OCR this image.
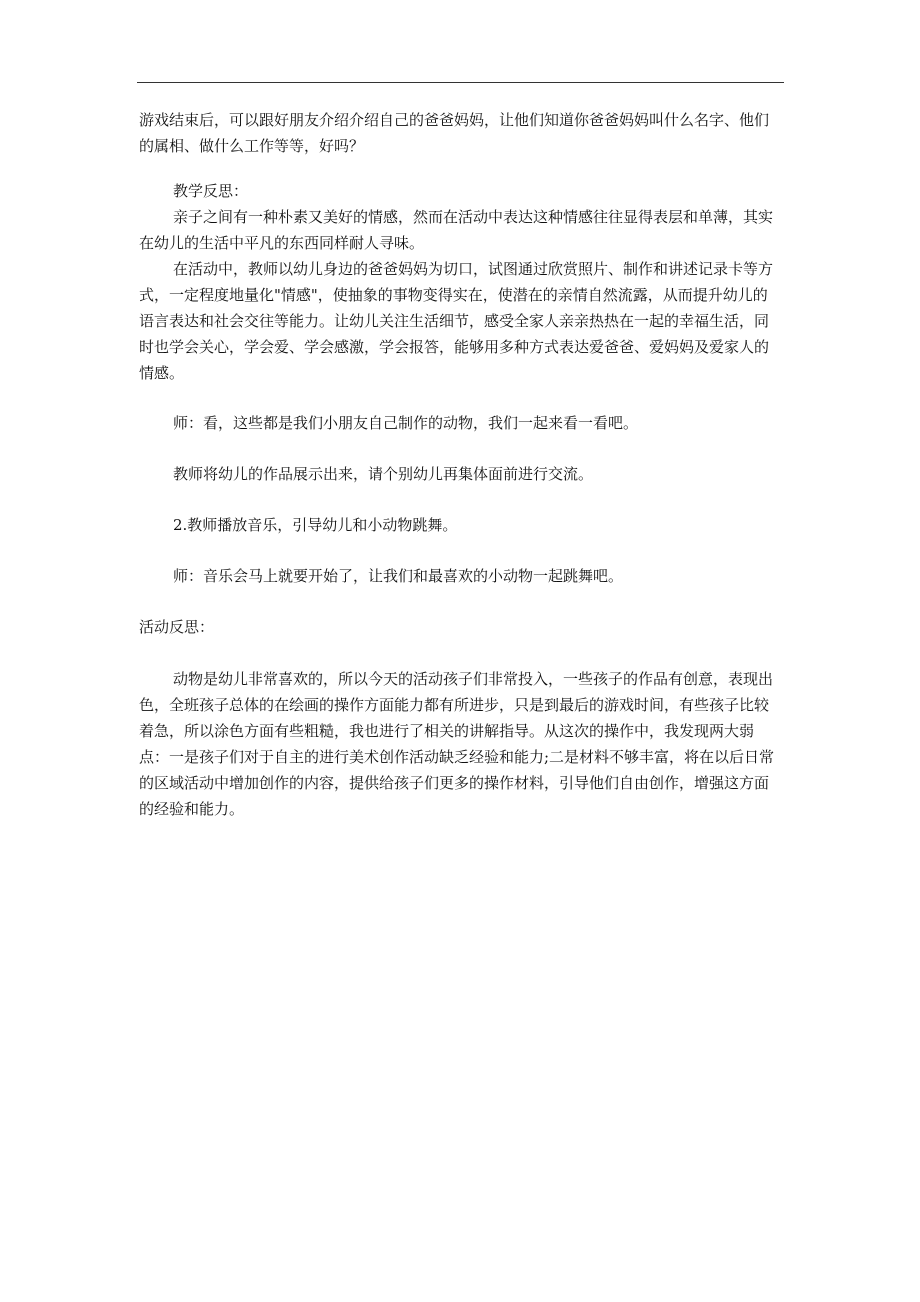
游戏结束后，可以跟好朋友介绍介绍自己的爸爸妈妈，让他们知道你爸爸妈妈叫什么名字、他们的属相、做什么工作等等，好吗？

教学反思：

亲子之间有一种朴素又美好的情感，然而在活动中表达这种情感往往显得表层和单薄，其实在幼儿的生活中平凡的东西同样耐人寻味。

在活动中，教师以幼儿身边的爸爸妈妈为切口，试图通过欣赏照片、制作和讲述记录卡等方式，一定程度地量化"情感"，使抽象的事物变得实在，使潜在的亲情自然流露，从而提升幼儿的语言表达和社会交往等能力。让幼儿关注生活细节，感受全家人亲亲热热在一起的幸福生活，同时也学会关心，学会爱、学会感激，学会报答，能够用多种方式表达爱爸爸、爱妈妈及爱家人的情感。

师：看，这些都是我们小朋友自己制作的动物，我们一起来看一看吧。

教师将幼儿的作品展示出来，请个别幼儿再集体面前进行交流。

2.教师播放音乐，引导幼儿和小动物跳舞。

师：音乐会马上就要开始了，让我们和最喜欢的小动物一起跳舞吧。

活动反思：

动物是幼儿非常喜欢的，所以今天的活动孩子们非常投入，一些孩子的作品有创意，表现出色，全班孩子总体的在绘画的操作方面能力都有所进步，只是到最后的游戏时间，有些孩子比较着急，所以涂色方面有些粗糙，我也进行了相关的讲解指导。从这次的操作中，我发现两大弱点：一是孩子们对于自主的进行美术创作活动缺乏经验和能力;二是材料不够丰富，将在以后日常的区域活动中增加创作的内容，提供给孩子们更多的操作材料，引导他们自由创作，增强这方面的经验和能力。
